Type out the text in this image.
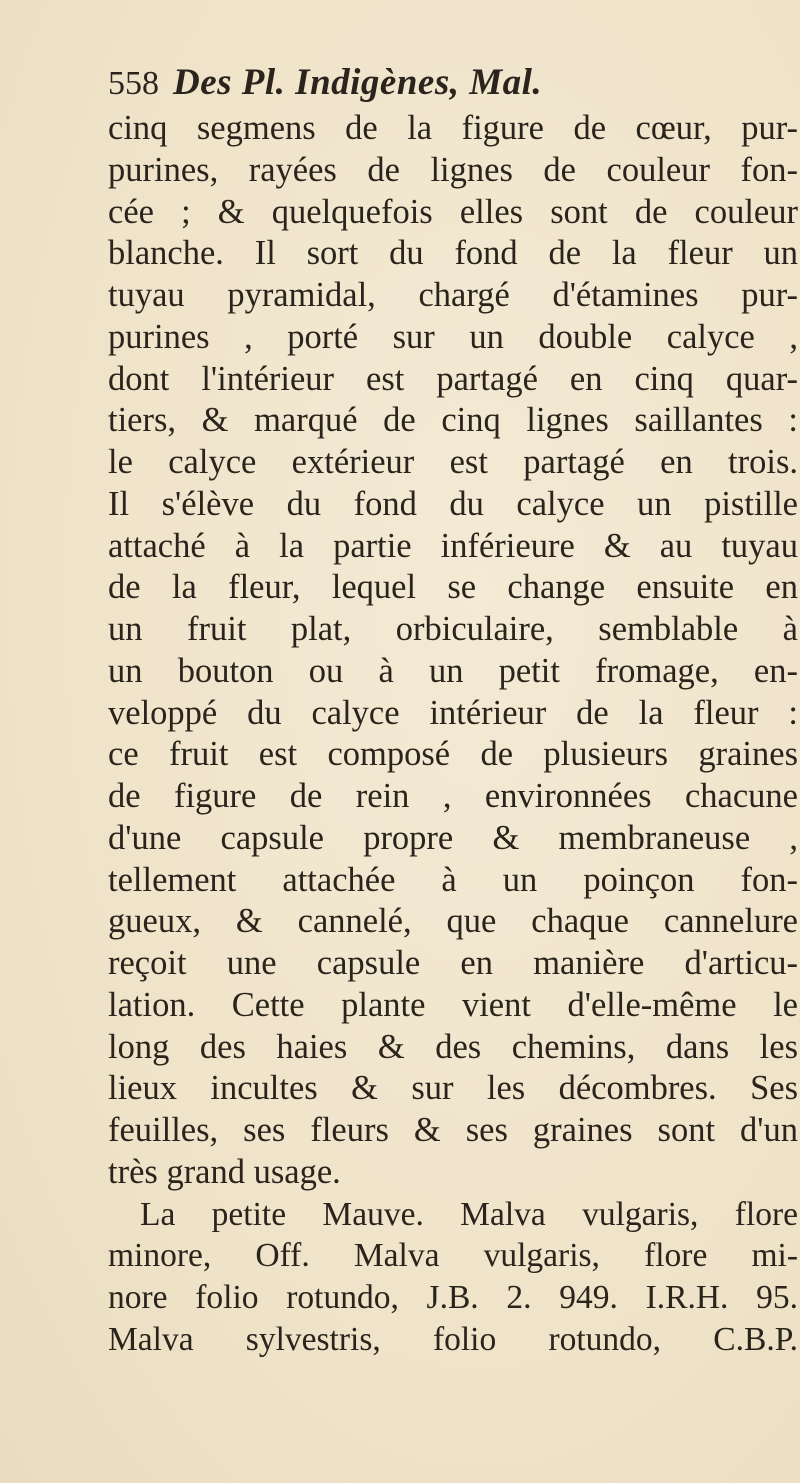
558 Des Pl. Indigènes, Mal.
cinq segmens de la figure de cœur, pur-
purines, rayées de lignes de couleur fon-
cée ; & quelquefois elles sont de couleur
blanche. Il sort du fond de la fleur un
tuyau pyramidal, chargé d'étamines pur-
purines , porté sur un double calyce ,
dont l'intérieur est partagé en cinq quar-
tiers, & marqué de cinq lignes saillantes :
le calyce extérieur est partagé en trois.
Il s'élève du fond du calyce un pistille
attaché à la partie inférieure & au tuyau
de la fleur, lequel se change ensuite en
un fruit plat, orbiculaire, semblable à
un bouton ou à un petit fromage, en-
veloppé du calyce intérieur de la fleur :
ce fruit est composé de plusieurs graines
de figure de rein , environnées chacune
d'une capsule propre & membraneuse ,
tellement attachée à un poinçon fon-
gueux, & cannelé, que chaque cannelure
reçoit une capsule en manière d'articu-
lation. Cette plante vient d'elle-même le
long des haies & des chemins, dans les
lieux incultes & sur les décombres. Ses
feuilles, ses fleurs & ses graines sont d'un
très grand usage.
La petite Mauve. Malva vulgaris, flore
minore, Off. Malva vulgaris, flore mi-
nore folio rotundo, J.B. 2. 949. I.R.H. 95.
Malva sylvestris, folio rotundo, C.B.P.
